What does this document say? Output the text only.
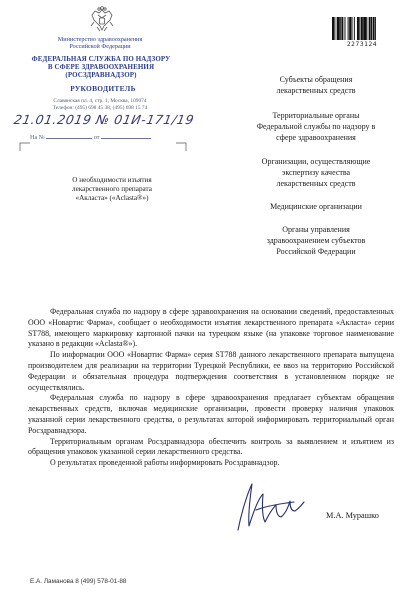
Министерство здравоохранения
Российской Федерации
ФЕДЕРАЛЬНАЯ СЛУЖБА ПО НАДЗОРУ
В СФЕРЕ ЗДРАВООХРАНЕНИЯ
(РОСЗДРАВНАДЗОР)
РУКОВОДИТЕЛЬ
Славянская пл. 4, стр. 1, Москва, 109074
Телефон: (495) 698 45 38; (495) 698 15 74
21.01.2019 № 01И-171/19
На №	от
О необходимости изъятия
лекарственного препарата
«Акласта» («Aclasta®»)
2273124
Субъекты обращения
лекарственных средств
Территориальные органы
Федеральной службы по надзору в
сфере здравоохранения
Организации, осуществляющие
экспертизу качества
лекарственных средств
Медицинские организации
Органы управления
здравоохранением субъектов
Российской Федерации

Федеральная служба по надзору в сфере здравоохранения на основании сведений, предоставленных ООО «Новартис Фарма», сообщает о необходимости изъятия лекарственного препарата «Акласта» серии ST788, имеющего маркировку картонной пачки на турецком языке (на упаковке торговое наименование указано в редакции «Aclasta®»).

По информации ООО «Новартис Фарма» серия ST788 данного лекарственного препарата выпущена производителем для реализации на территории Турецкой Республики, ее ввоз на территорию Российской Федерации и обязательная процедура подтверждения соответствия в установленном порядке не осуществлялись.

Федеральная служба по надзору в сфере здравоохранения предлагает субъектам обращения лекарственных средств, включая медицинские организации, провести проверку наличия упаковок указанной серии лекарственного средства, о результатах которой информировать территориальный орган Росздравнадзора.

Территориальным органам Росздравнадзора обеспечить контроль за выявлением и изъятием из обращения упаковок указанной серии лекарственного средства.

О результатах проведенной работы информировать Росздравнадзор.

М.А. Мурашко
Е.А. Ламанова 8 (499) 578-01-88
